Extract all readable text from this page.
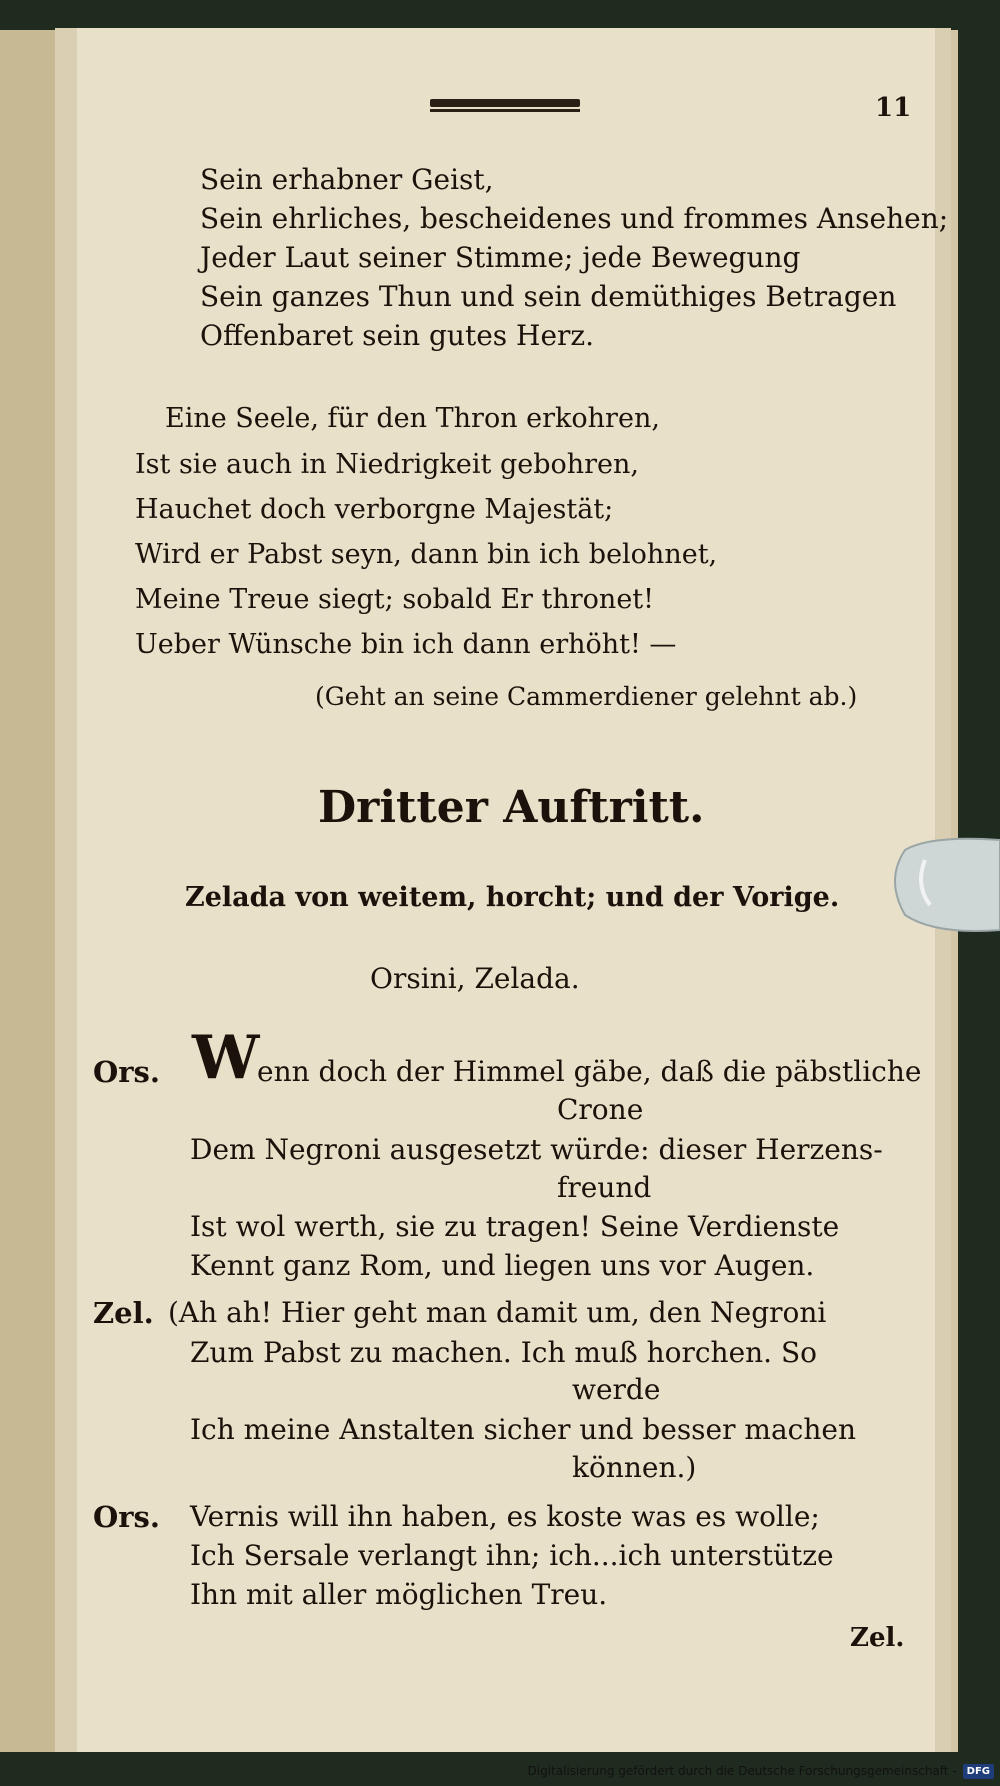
11
Sein erhabner Geist,
Sein ehrliches, bescheidenes und frommes Ansehen;
Jeder Laut seiner Stimme; jede Bewegung
Sein ganzes Thun und sein demüthiges Betragen
Offenbaret sein gutes Herz.
Eine Seele, für den Thron erkohren,
Ist sie auch in Niedrigkeit gebohren,
Hauchet doch verborgne Majestät;
Wird er Pabst seyn, dann bin ich belohnet,
Meine Treue siegt; sobald Er thronet!
Ueber Wünsche bin ich dann erhöht! —
(Geht an seine Cammerdiener gelehnt ab.)
Dritter Auftritt.
Zelada von weitem, horcht; und der Vorige.
Orsini, Zelada.
Ors. W
enn doch der Himmel gäbe, daß die päbstliche
Crone
Dem Negroni ausgesetzt würde: dieser Herzens-
freund
Ist wol werth, sie zu tragen! Seine Verdienste
Kennt ganz Rom, und liegen uns vor Augen.
Zel. (Ah ah! Hier geht man damit um, den Negroni
Zum Pabst zu machen. Ich muß horchen. So
werde
Ich meine Anstalten sicher und besser machen
können.)
Ors. Vernis will ihn haben, es koste was es wolle;
Ich Sersale verlangt ihn; ich...ich unterstütze
Ihn mit aller möglichen Treu.
Zel.
Digitalisierung gefördert durch die Deutsche Forschungsgemeinschaft -	DFG
